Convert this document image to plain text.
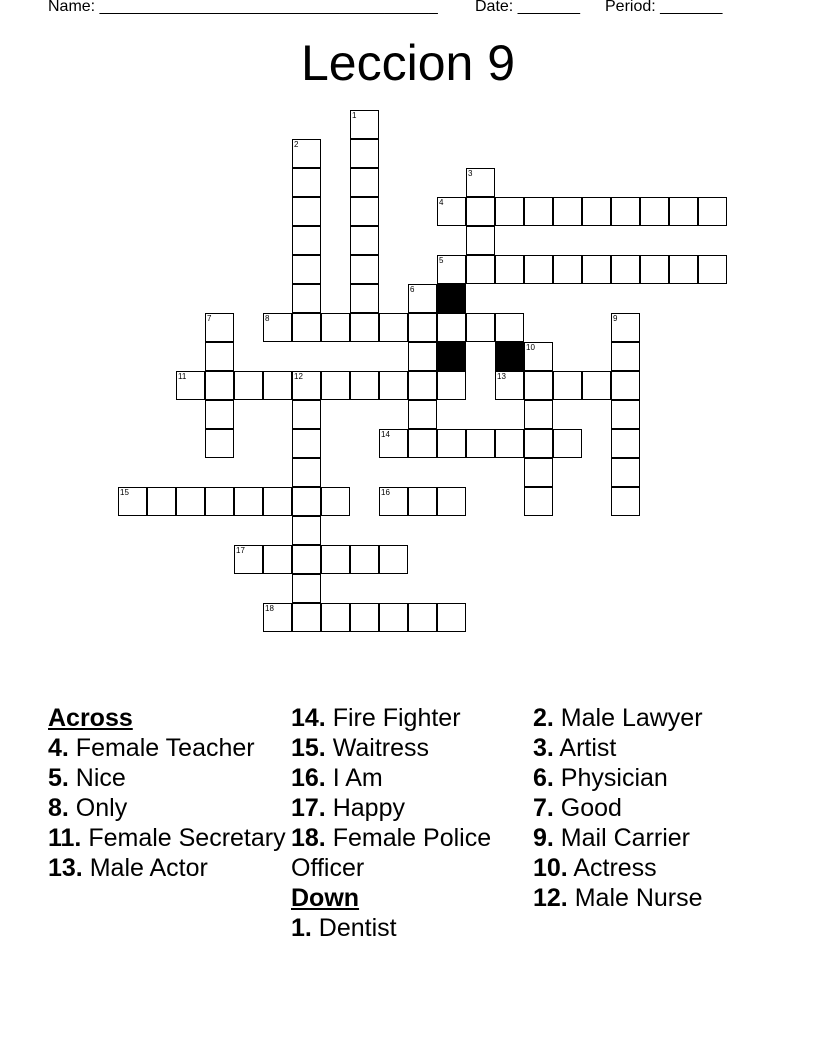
Name: ______________________________________ Date: _______ Period: _______
Leccion 9
1
2
3
4
5
6
7	8	9
10
11	12	13
14
15	16
17
18
Across
4. Female Teacher
5. Nice
8. Only
11. Female Secretary
13. Male Actor
14. Fire Fighter
15. Waitress
16. I Am
17. Happy
18. Female Police Officer
Down
1. Dentist
2. Male Lawyer
3. Artist
6. Physician
7. Good
9. Mail Carrier
10. Actress
12. Male Nurse
